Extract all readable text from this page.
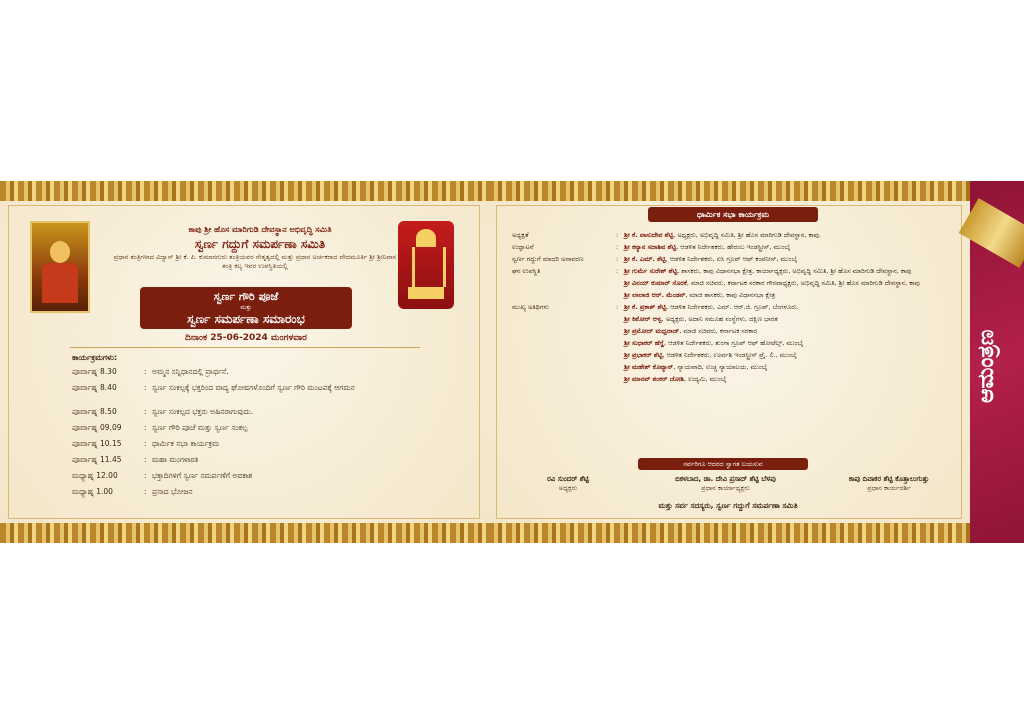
ಕಾಪು ಶ್ರೀ ಹೊಸ ಮಾರಿಗುಡಿ ದೇವಸ್ಥಾನ ಅಭಿವೃದ್ಧಿ ಸಮಿತಿ
ಸ್ವರ್ಣ ಗದ್ದುಗೆ ಸಮರ್ಪಣಾ ಸಮಿತಿ
ಪ್ರಧಾನ ತಂತ್ರಿಗಳಾದ ವಿದ್ವಾನ್ ಶ್ರೀ ಕೆ. ಪಿ. ಕುಮಾರಗುರು ತಂತ್ರಿಯವರ ನೇತೃತ್ವದಲ್ಲಿ ಮತ್ತು ಪ್ರಧಾನ ಅರ್ಚಕರಾದ ವೇದಮೂರ್ತಿ ಶ್ರೀ ಶ್ರೀನಿವಾಸ ತಂತ್ರಿ ಕಲ್ಯ ಇವರ ಉಪಸ್ಥಿತಿಯಲ್ಲಿ
ಸ್ವರ್ಣ ಗೌರಿ ಪೂಜೆ
ಮತ್ತು
ಸ್ವರ್ಣ ಸಮರ್ಪಣಾ ಸಮಾರಂಭ
ದಿನಾಂಕ 25-06-2024 ಮಂಗಳವಾರ
ಕಾರ್ಯಕ್ರಮಗಳು:
ಪೂರ್ವಾಹ್ನ 8.30	: ಅಮ್ಮನ ಸನ್ನಿಧಾನದಲ್ಲಿ ಪ್ರಾರ್ಥನೆ.
ಪೂರ್ವಾಹ್ನ 8.40	: ಸ್ವರ್ಣ ಸಂಕಲ್ಪಕ್ಕೆ ಭಕ್ತರಿಂದ ವಾದ್ಯ ಘೋಷಗಳೊಂದಿಗೆ ಸ್ವರ್ಣ ಗೌರಿ ಮಂಟಪಕ್ಕೆ ಆಗಮನ
ಪೂರ್ವಾಹ್ನ 8.50	: ಸ್ವರ್ಣ ಸಂಕಲ್ಪದ ಭಕ್ತರು ಅಹಿನರಾಗುವುದು.
ಪೂರ್ವಾಹ್ನ 09.09	: ಸ್ವರ್ಣ ಗೌರಿ ಪೂಜೆ ಮತ್ತು ಸ್ವರ್ಣ ಸಂಕಲ್ಪ
ಪೂರ್ವಾಹ್ನ 10.15	: ಧಾರ್ಮಿಕ ಸಭಾ ಕಾರ್ಯಕ್ರಮ
ಪೂರ್ವಾಹ್ನ 11.45	: ಮಹಾ ಮಂಗಳಾರತಿ
ಮಧ್ಯಾಹ್ನ 12.00	: ಭಕ್ತಾದಿಗಳಿಗೆ ಸ್ವರ್ಣ ಸಮರ್ಪಣೆಗೆ ಅವಕಾಶ
ಮಧ್ಯಾಹ್ನ 1.00	: ಪ್ರಸಾದ ಭೋಜನ
ಧಾರ್ಮಿಕ ಸಭಾ ಕಾರ್ಯಕ್ರಮ
ಅಧ್ಯಕ್ಷತೆ	: ಶ್ರೀ ಕೆ. ವಾಸುದೇವ ಶೆಟ್ಟಿ, ಅಧ್ಯಕ್ಷರು, ಅಭಿವೃದ್ಧಿ ಸಮಿತಿ, ಶ್ರೀ ಹೊಸ ಮಾರಿಗುಡಿ ದೇವಸ್ಥಾನ, ಕಾಪು.
ಉದ್ಘಾಟನೆ	: ಶ್ರೀ ಕನ್ಯಾನ ಸದಾಶಿವ ಶೆಟ್ಟಿ, ಆಡಳಿತ ನಿರ್ದೇಶಕರು, ಹೇರಂಬ ಇಂಡಸ್ಟ್ರೀಸ್, ಮುಂಬೈ
ಸ್ವರ್ಣ ಗದ್ದುಗೆ ಮಾದರಿ ಅನಾವರಣ	: ಶ್ರೀ ಕೆ. ಎಮ್. ಶೆಟ್ಟಿ, ಆಡಳಿತ ನಿರ್ದೇಶಕರು, ಏಸಿ ಗ್ರೂಪ್ ಆಫ್ ಕಂಪನೀಸ್, ಮುಂಬೈ
ಘನ ಉಪಸ್ಥಿತಿ	: ಶ್ರೀ ಗುರ್ಮೆ ಸುರೇಶ್ ಶೆಟ್ಟಿ, ಶಾಸಕರು, ಕಾಪು ವಿಧಾನಸಭಾ ಕ್ಷೇತ್ರ, ಕಾರ್ಯಾಧ್ಯಕ್ಷರು, ಅಭಿವೃದ್ಧಿ ಸಮಿತಿ, ಶ್ರೀ ಹೊಸ ಮಾರಿಗುಡಿ ದೇವಸ್ಥಾನ, ಕಾಪು
ಶ್ರೀ ವಿನಯ್ ಕುಮಾರ್ ಸೊರಕೆ, ಮಾಜಿ ಸಚಿವರು, ಕರ್ನಾಟಕ ಸರಕಾರ ಗೌರವಾಧ್ಯಕ್ಷರು, ಅಭಿವೃದ್ಧಿ ಸಮಿತಿ, ಶ್ರೀ ಹೊಸ ಮಾರಿಗುಡಿ ದೇವಸ್ಥಾನ, ಕಾಪು
ಶ್ರೀ ಲಾಲಾಜಿ ಆರ್. ಮೆಂಡನ್, ಮಾಜಿ ಶಾಸಕರು, ಕಾಪು ವಿಧಾನಸಭಾ ಕ್ಷೇತ್ರ
ಮುಖ್ಯ ಅತಿಥಿಗಳು	: ಶ್ರೀ ಕೆ. ಪ್ರಕಾಶ್ ಶೆಟ್ಟಿ, ಆಡಳಿತ ನಿರ್ದೇಶಕರು, ಎಮ್. ಆರ್.ಜಿ. ಗ್ರೂಪ್, ಬೆಂಗಳೂರು.
ಶ್ರೀ ಕಿಶೋರ್ ಆಳ್ವ, ಅಧ್ಯಕ್ಷರು, ಅದಾನಿ ಸಮೂಹ ಸಂಸ್ಥೆಗಳು, ದಕ್ಷಿಣ ಭಾರತ
ಶ್ರೀ ಪ್ರಮೋದ್ ಮಧ್ವರಾಜ್, ಮಾಜಿ ಸಚಿವರು, ಕರ್ನಾಟಕ ಸರಕಾರ
ಶ್ರೀ ಸುಧಾಕರ್ ಹೆಗ್ಡೆ, ಆಡಳಿತ ನಿರ್ದೇಶಕರು, ತುಂಗಾ ಗ್ರೂಪ್ ಆಫ್ ಹೋಟೆಲ್ಸ್, ಮುಂಬೈ
ಶ್ರೀ ಪ್ರಭಾಕರ್ ಶೆಟ್ಟಿ, ಆಡಳಿತ ನಿರ್ದೇಶಕರು, ಊರ್ವಶಿ ಇಂಡಸ್ಟ್ರೀಸ್ ಪ್ರೈ. ಲಿ., ಮುಂಬೈ
ಶ್ರೀ ಮಹೇಶ್ ಕೊಟ್ಯಾನ್, ನ್ಯಾಯವಾದಿ, ಉಚ್ಚ ನ್ಯಾಯಾಲಯ, ಮುಂಬೈ
ಶ್ರೀ ಮಾನವ್ ಶಂಕರ್ ಜೋಶಿ, ಉದ್ಯಮಿ, ಮುಂಬೈ
ಸರ್ವರಿಗೂ ಆದರದ ಸ್ವಾಗತ ಬಯಸುವ
ರವಿ ಸುಂದರ್ ಶೆಟ್ಟಿ
ಅಧ್ಯಕ್ಷರು
ಬಿಕಳಬಾದ, ಡಾ. ದೇವಿ ಪ್ರಸಾದ್ ಶೆಟ್ಟಿ ಬೆಳಪು
ಪ್ರಧಾನ ಕಾರ್ಯಾಧ್ಯಕ್ಷರು
ಕಾಪು ದಿವಾಕರ ಶೆಟ್ಟಿ ಕೊತ್ತಾಲುಗುತ್ತು
ಪ್ರಧಾನ ಕಾರ್ಯದರ್ಶಿ
ಮತ್ತು ಸರ್ವ ಸದಸ್ಯರು, ಸ್ವರ್ಣ ಗದ್ದುಗೆ ಸಮರ್ಪಣಾ ಸಮಿತಿ
ಆಮಂತ್ರಣ
